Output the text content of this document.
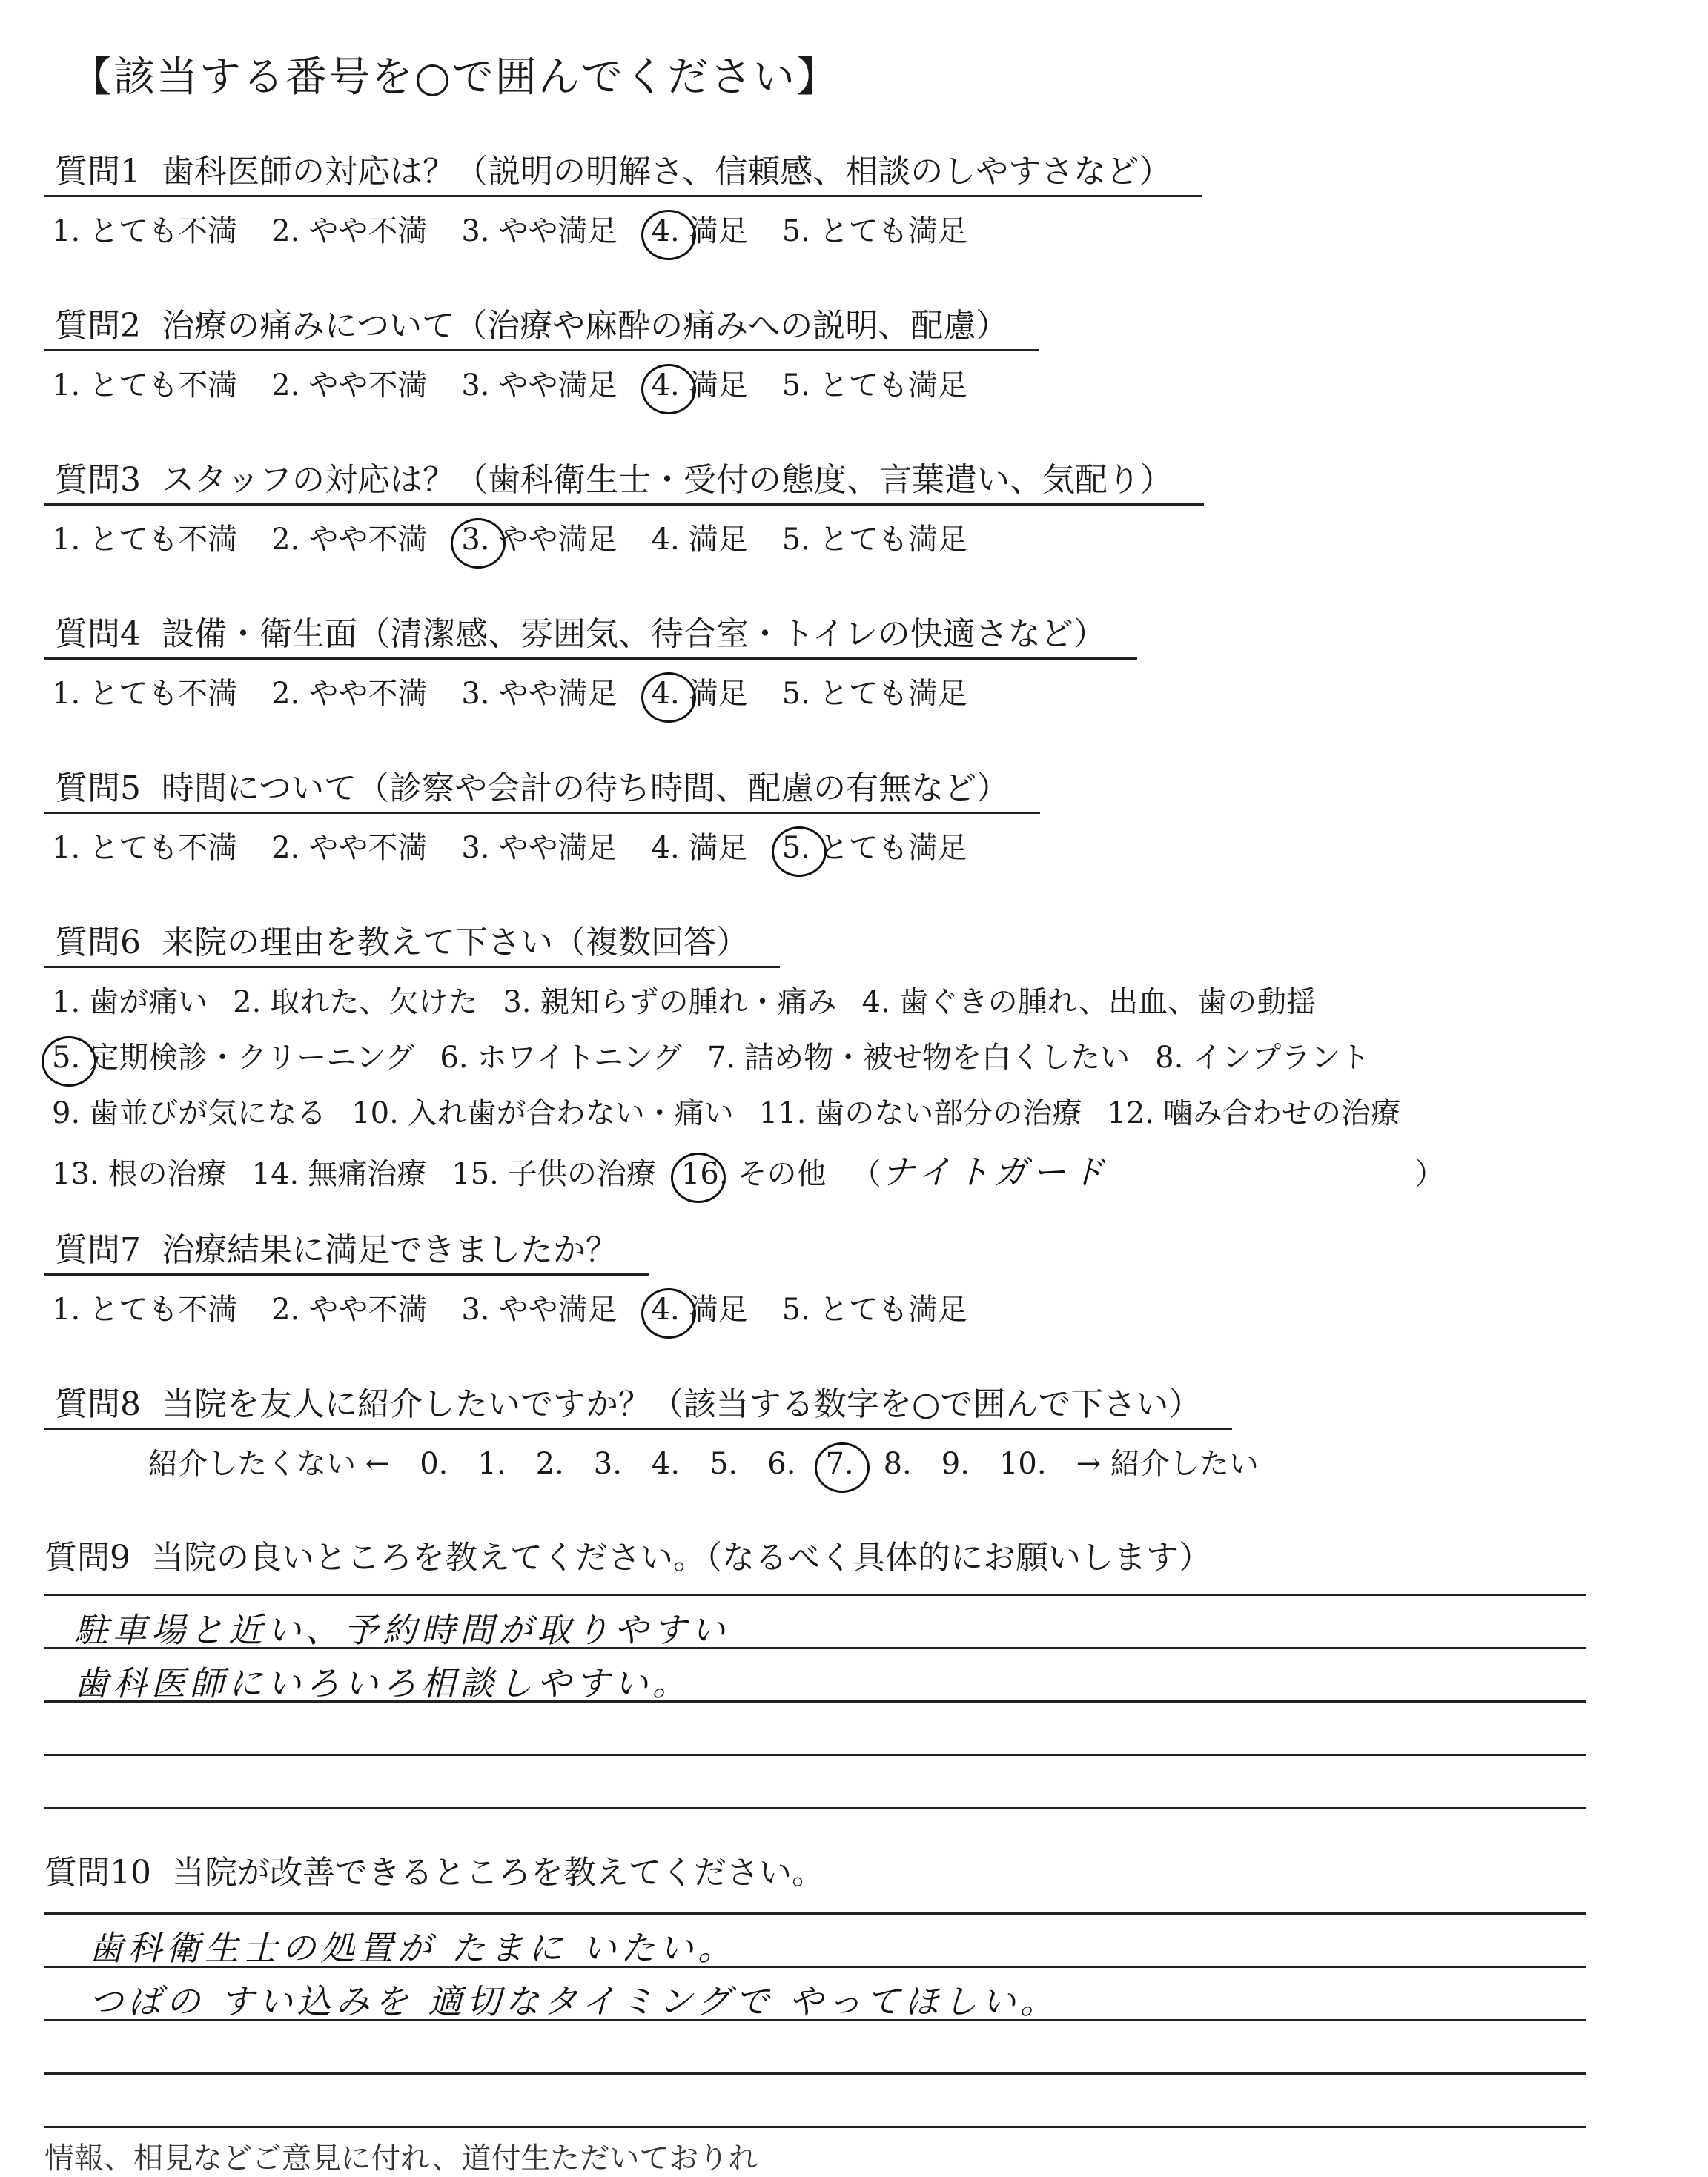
【該当する番号を○で囲んでください】
質問1 歯科医師の対応は？（説明の明解さ、信頼感、相談のしやすさなど）
1. とても不満 2. やや不満 3. やや満足 4. 満足 5. とても満足
質問2 治療の痛みについて（治療や麻酔の痛みへの説明、配慮）
1. とても不満 2. やや不満 3. やや満足 4. 満足 5. とても満足
質問3 スタッフの対応は？（歯科衛生士・受付の態度、言葉遣い、気配り）
1. とても不満 2. やや不満 3. やや満足 4. 満足 5. とても満足
質問4 設備・衛生面（清潔感、雰囲気、待合室・トイレの快適さなど）
1. とても不満 2. やや不満 3. やや満足 4. 満足 5. とても満足
質問5 時間について（診察や会計の待ち時間、配慮の有無など）
1. とても不満 2. やや不満 3. やや満足 4. 満足 5. とても満足
質問6 来院の理由を教えて下さい（複数回答）
1. 歯が痛い 2. 取れた、欠けた 3. 親知らずの腫れ・痛み 4. 歯ぐきの腫れ、出血、歯の動揺
5. 定期検診・クリーニング 6. ホワイトニング 7. 詰め物・被せ物を白くしたい 8. インプラント
9. 歯並びが気になる 10. 入れ歯が合わない・痛い 11. 歯のない部分の治療 12. 噛み合わせの治療
13. 根の治療 14. 無痛治療 15. 子供の治療 16. その他 （ナイトガード	）
質問7 治療結果に満足できましたか？
1. とても不満 2. やや不満 3. やや満足 4. 満足 5. とても満足
質問8 当院を友人に紹介したいですか？（該当する数字を○で囲んで下さい）
紹介したくない ← 0. 1. 2. 3. 4. 5. 6. 7. 8. 9. 10. → 紹介したい
質問9 当院の良いところを教えてください。（なるべく具体的にお願いします）
駐車場と近い、予約時間が取りやすい
歯科医師にいろいろ相談しやすい。
質問10 当院が改善できるところを教えてください。
歯科衛生士の処置が たまに いたい。
つばの すい込みを 適切なタイミングで やってほしい。
情報、相見などご意見に付れ、道付生ただいておりれ
